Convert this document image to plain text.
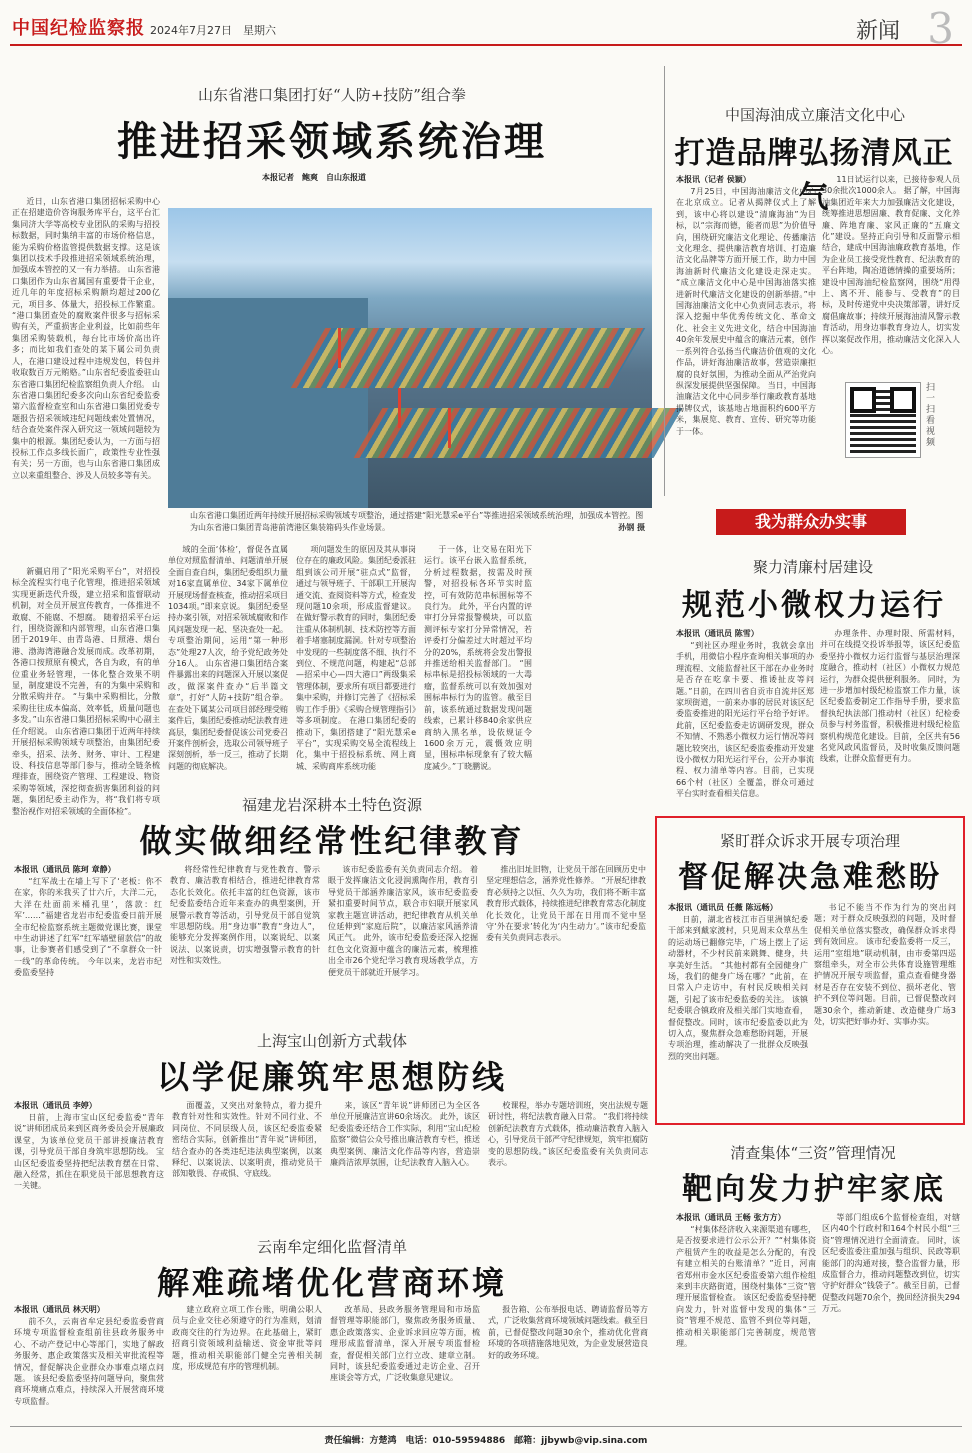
中国纪检监察报 2024年7月27日　星期六	新闻 3
山东省港口集团打好“人防+技防”组合拳
推进招采领域系统治理
本报记者　鲍爽　自山东报道

近日，山东省港口集团招标采购中心正在招建造价咨询服务库平台，这平台汇集同济大学等高校专业团队的采购与招投标数据，同时集纳丰富的市场价格信息，能为采购价格监管提供数据支撑。这是该集团以技术手段推进招采领域系统治理，加强成本管控的又一有力举措。 山东省港口集团作为山东省属国有重要骨干企业，近几年的年度招标采购额均超过200亿元，项目多、体量大，招投标工作繁重。 “港口集团查处的腐败案件很多与招标采购有关，严重损害企业利益，比如前些年集团采购装载机，每台比市场价高出许多；而比如我们查处的某下属公司负责人，在港口建设过程中违规发包，转包并收取数百万元贿赂。”山东省纪委监委驻山东省港口集团纪检监察组负责人介绍。 山东省港口集团纪委多次向山东省纪委监委第六监督检查室和山东省港口集团党委专题报告招采领域违纪问题线索处置情况，结合查处案件深入研究这一领域问题较为集中的根源。集团纪委认为，一方面与招投标工作点多线长面广，政策性专业性强有关；另一方面，也与山东省港口集团成立以来重组整合、涉及人员较多等有关。

新疆启用了“阳光采购平台”，对招投标全流程实行电子化管理，推进招采领域实现更新迭代升级，建立招采和监督联动机制，对全员开展宣传教育，一体推进不敢腐、不能腐、不想腐。 随着招采平台运行，围绕资源和内部管理，山东省港口集团于2019年、由青岛港、日照港、烟台港、渤海湾港融合发展而成。改革初期，各港口按照原有模式，各自为政，有的单位重业务轻管理，一体化整合效果不明显，制度建设不完善，有的为集中采购和分散采购并存。 “与集中采购相比，分散采购往往成本偏高、效率低，质量问题也多发。”山东省港口集团招标采购中心副主任介绍说。 山东省港口集团于近两年持续开展招标采购领域专项整治，由集团纪委牵头，招采、法务、财务、审计、工程建设、科技信息等部门参与，推动全链条梳理排查，围绕资产管理、工程建设、物资采购等领域，深挖彻查损害集团利益的问题，集团纪委主动作为，将“我们将专项整治视作对招采领域的全面体检”。

山东省港口集团近两年持续开展招标采购领域专项整治，通过搭建“阳光慧采e平台”等推进招采领域系统治理，加强成本管控。图为山东省港口集团青岛港前湾港区集装箱码头作业场景。	孙钢 摄

域的全面‘体检’，督促各直属单位对照监督清单、问题清单开展全面自查自纠，集团纪委组织力量对16家直属单位、34家下属单位开展现场督查核查，推动招采项目1034项。”即来京说。 集团纪委坚持办案引领，对招采领域腐败和作风问题发现一起、坚决查处一起。专项整治期间，运用“第一种形态”处理27人次，给予党纪政务处分16人。 山东省港口集团结合案件暴露出来的问题深入开展以案促改，做深案件查办“后半篇文章”，打好“人防+技防”组合拳。 在查处下属某公司项目部经理受贿案件后，集团纪委推动纪法教育进高层，集团纪委督促该公司党委召开案件剖析会，选取公司领导班子深刻剖析，举一反三，推动了长期问题的彻底解决。

项问题发生的原因及其从事岗位存在的廉政风险。集团纪委派驻组到该公司开展“驻点式”监督，通过与领导班子、干部职工开展沟通交流、查阅资料等方式，检查发现问题10余项，形成监督建议。 在做好警示教育的同时，集团纪委注重从体制机制、技术防控等方面着手堵塞制度漏洞。针对专项整治中发现的一些制度落不细、执行不到位、不规范问题，构建起“总部—招采中心—四大港口”两级集采管理体制，要求所有项目都要进行集中采购，并修订完善了《招标采购工作手册》《采购合规管理指引》等多项制度。 在港口集团纪委的推动下，集团搭建了“阳光慧采e平台”，实现采购交易全流程线上化，集中于招投标系统、网上商城、采购商库系统功能

于一体，让交易在阳光下运行。该平台嵌入监督系统，分析过程数据，按需及时预警，对招投标各环节实时监控，可有效防范串标围标等不良行为。 此外，平台内置的评审打分异常报警模块，可以监测评标专家打分异常情况，若评委打分偏差过大时超过平均分的20%，系统将会发出警报并推送给相关监督部门。 “围标串标是招投标领域的一大毒瘤，监督系统可以有效加强对围标串标行为的监管。截至目前，该系统通过数据发现问题线索，已累计移840余家供应商纳入黑名单，设依规证令1600余万元，震慑效应明显，围标串标现象有了较大幅度减少。”丁晓鹏说。

中国海油成立廉洁文化中心
打造品牌弘扬清风正气
本报讯（记者 侯颖）

7月25日，中国海油廉洁文化中心在北京成立。记者从揭牌仪式上了解到，该中心将以建设“清廉海油”为目标，以“宗海而德，能者而思”为价值导向，围绕研究廉洁文化理论、传播廉洁文化理念、提供廉洁教育培训、打造廉洁文化品牌等方面开展工作，助力中国海油新时代廉洁文化建设走深走实。 “成立廉洁文化中心是中国海油落实推进新时代廉洁文化建设的创新举措。”中国海油廉洁文化中心负责同志表示，将深入挖掘中华优秀传统文化、革命文化、社会主义先进文化，结合中国海油40余年发展史中蕴含的廉洁元素，创作一系列符合弘扬当代廉洁价值观的文化作品，讲好海油廉洁故事，营造崇廉拒腐的良好氛围，为推动全面从严治党向纵深发展提供坚强保障。 当日，中国海油廉洁文化中心同步举行廉政教育基地揭牌仪式，该基地占地面积约600平方米，集展览、教育、宣传、研究等功能于一体。

11日试运行以来，已接待参观人员30余批次1000余人。 据了解，中国海油集团近年来大力加强廉洁文化建设，统筹推进思想固廉、教育促廉、文化养廉、阵地育廉、家风正廉的“五廉文化”建设。坚持正向引导和反面警示相结合，建成中国海油廉政教育基地，作为企业员工接受党性教育、纪法教育的平台阵地，陶冶道德情操的重要场所；建设中国海油纪检监察网，围绕“用得上、离不开、能参与、受教育”的目标，及时传递党中央决策部署，讲好反腐倡廉故事；持续开展海油清风警示教育活动，用身边事教育身边人，切实发挥以案促改作用，推动廉洁文化深入人心。

扫一扫看视频
我为群众办实事
聚力清廉村居建设
规范小微权力运行
本报讯（通讯员 陈雪）

“到社区办理业务时，我就会拿出手机，用微信小程序查询相关事项的办理流程、文能监督社区干部在办业务时是否存在吃拿卡要、推诿扯皮等问题。”日前，在四川省自贡市自流井区郑家坝街道，一前来办事的居民对该区纪委监委推进的阳光运行平台给予好评。 此前，区纪委监委走访调研发现，群众不知情、不熟悉小微权力运行情况等问题比较突出，该区纪委监委推动开发建设小微权力阳光运行平台，公开办事流程、权力清单等内容。目前，已实现66个村（社区）全覆盖，群众可通过平台实时查看相关信息。

办理条件、办理时限、所需材料，并可在线提交投诉举报等，该区纪委监委坚持小微权力运行监督与基层治理深度融合，推动村（社区）小微权力规范运行，为群众提供便利服务。 同时，为进一步增加村级纪检监察工作力量，该区纪委监委制定工作指导手册，要求监督执纪执法部门推动村（社区）纪检委员参与村务监督，积极推进村级纪检监察机构规范化建设。目前，全区共有56名党风政风监督员，及时收集反馈问题线索，让群众监督更有力。

福建龙岩深耕本土特色资源
做实做细经常性纪律教育
本报讯（通讯员 陈珂 章静）

“红军战士在墙上写下了‘老板：你不在家，你的米我买了廿六斤，大洋二元，大洋在灶面前米桶孔里’，落款：红军’……”福建省龙岩市纪委监委日前开展全市纪检监察系统主题微党课比赛，课堂中生动讲述了红军“红军墙壁留款信”的故事，让参赛者们感受到了“不拿群众一针一线”的革命传统。 今年以来，龙岩市纪委监委坚持

将经常性纪律教育与党性教育、警示教育、廉洁教育相结合，推进纪律教育常态化长效化。依托丰富的红色资源，该市纪委监委结合近年来查办的典型案例，开展警示教育等活动，引导党员干部自觉筑牢思想防线。用“身边事”教育“身边人”，能够充分发挥案例作用，以案说纪、以案说法、以案说责，切实增强警示教育的针对性和实效性。

该市纪委监委有关负责同志介绍。 着眼于发挥廉洁文化浸润熏陶作用，教育引导党员干部涵养廉洁家风，该市纪委监委紧扣重要时间节点，联合市妇联开展家风家教主题宣讲活动，把纪律教育从机关单位延伸到“家庭后院”，以廉洁家风涵养清风正气。 此外，该市纪委监委还深入挖掘红色文化资源中蕴含的廉洁元素，梳理推出全市26个党纪学习教育现场教学点，方便党员干部就近开展学习。

推出旧址旧物，让党员干部在回顾历史中坚定理想信念，涵养党性修养。 “开展纪律教育必须持之以恒、久久为功，我们将不断丰富教育形式载体，持续推进纪律教育常态化制度化长效化，让党员干部在日用而不觉中坚守‘外在要求’转化为‘内生动力’。”该市纪委监委有关负责同志表示。

紧盯群众诉求开展专项治理
督促解决急难愁盼
本报讯（通讯员 任薇 陈远畅）

日前，湖北省枝江市百里洲镇纪委干部来到戴家渡村，只见周末众草丛生的运动场已翻修完毕，广场上摆上了运动器材，不少村民前来跳舞、健身，共享美好生活。 “其他村都有全园健身广场，我们的健身广场在哪？”此前，在日常入户走访中，有村民反映相关问题，引起了该市纪委监委的关注。 该镇纪委联合镇政府及相关部门实地查看，督促整改。同时，该市纪委监委以此为切入点，聚焦群众急难愁盼问题，开展专项治理，推动解决了一批群众反映强烈的突出问题。

书记不能当不作为行为的突出问题；对于群众反映强烈的问题，及时督促相关单位落实整改，确保群众诉求得到有效回应。 该市纪委监委将一反三，运用“室组地”联动机制，由市委第四巡察组牵头，对全市公共体育设施管理维护情况开展专项监督，重点查看健身器材是否存在安装不到位、损坏老化、管护不到位等问题。目前，已督促整改问题30余个，推动新建、改造健身广场3处，切实把好事办好、实事办实。

上海宝山创新方式载体
以学促廉筑牢思想防线
本报讯（通讯员 李婷）

日前，上海市宝山区纪委监委“青年说”讲师团成员来到区商务委员会开展廉政课堂，为该单位党员干部讲授廉洁教育课，引导党员干部自身筑牢思想防线。 宝山区纪委监委坚持把纪法教育摆在日常、融入经常，抓住在职党员干部思想教育这一关键。

面覆盖，又突出对象特点，着力提升教育针对性和实效性。针对不同行业、不同岗位、不同层级人员，该区纪委监委紧密结合实际，创新推出“青年说”讲师团，结合查办的各类违纪违法典型案例，以案释纪、以案说法、以案明责，推动党员干部知敬畏、存戒惧、守底线。

来，该区“青年说”讲师团已为全区各单位开展廉洁宣讲60余场次。 此外，该区纪委监委还结合工作实际，利用“宝山纪检监察”微信公众号推出廉洁教育专栏，推送典型案例、廉洁文化作品等内容，营造崇廉尚洁浓厚氛围，让纪法教育入脑入心。

校课程，举办专题培训班，突出法规专题研讨性，将纪法教育融入日常。 “我们将持续创新纪法教育方式载体，推动廉洁教育入脑入心，引导党员干部严守纪律规矩，筑牢拒腐防变的思想防线。”该区纪委监委有关负责同志表示。

清查集体“三资”管理情况
靶向发力护牢家底
本报讯（通讯员 王畅 张方方）

“村集体经济收入来源渠道有哪些，是否按要求进行公示公开？”“村集体资产租赁产生的收益是怎么分配的，有没有建立相关的台账清单？”近日，河南省郑州市金水区纪委监委第六组作检组来到丰庆路街道，围绕村集体“三资”管理开展监督检查。 该区纪委监委坚持靶向发力，针对监督中发现的集体“三资”管理不规范、监管不到位等问题，推动相关职能部门完善制度，规范管理。

等部门组成6个监督检查组，对辖区内40个行政村和164个村民小组“三资”管理情况进行全面清查。 同时，该区纪委监委注重加强与组织、民政等职能部门的沟通对接，整合监督力量，形成监督合力，推动问题整改到位，切实守护好群众“钱袋子”。截至目前，已督促整改问题70余个，挽回经济损失294万元。

云南牟定细化监督清单
解难疏堵优化营商环境
本报讯（通讯员 林天明）

前不久，云南省牟定县纪委监委营商环境专项监督检查组前往县政务服务中心、不动产登记中心等部门，实地了解政务服务、惠企政策落实及相关审批流程等情况，督促解决企业群众办事难点堵点问题。 该县纪委监委坚持问题导向，聚焦营商环境痛点难点，持续深入开展营商环境专项监督。

建立政府立项工作台账，明确公职人员与企业交往必须遵守的行为准则，划清政商交往的行为边界。在此基础上，紧盯招商引资领域利益输送、资金审批等问题，推动相关职能部门健全完善相关制度，形成规范有序的管理机制。

改革局、县政务服务管理局和市场监督管理等职能部门，聚焦政务服务质量、惠企政策落实、企业诉求回应等方面，梳理形成监督清单，深入开展专项监督检查，督促相关部门立行立改、建章立制。同时，该县纪委监委通过走访企业、召开座谈会等方式，广泛收集意见建议。

报告箱、公布举报电话、聘请监督员等方式，广泛收集营商环境领域问题线索。截至目前，已督促整改问题30余个，推动优化营商环境的各项措施落地见效，为企业发展营造良好的政务环境。

责任编辑：方楚鸿　电话：010-59594886　邮箱：jjbywb@vip.sina.com
